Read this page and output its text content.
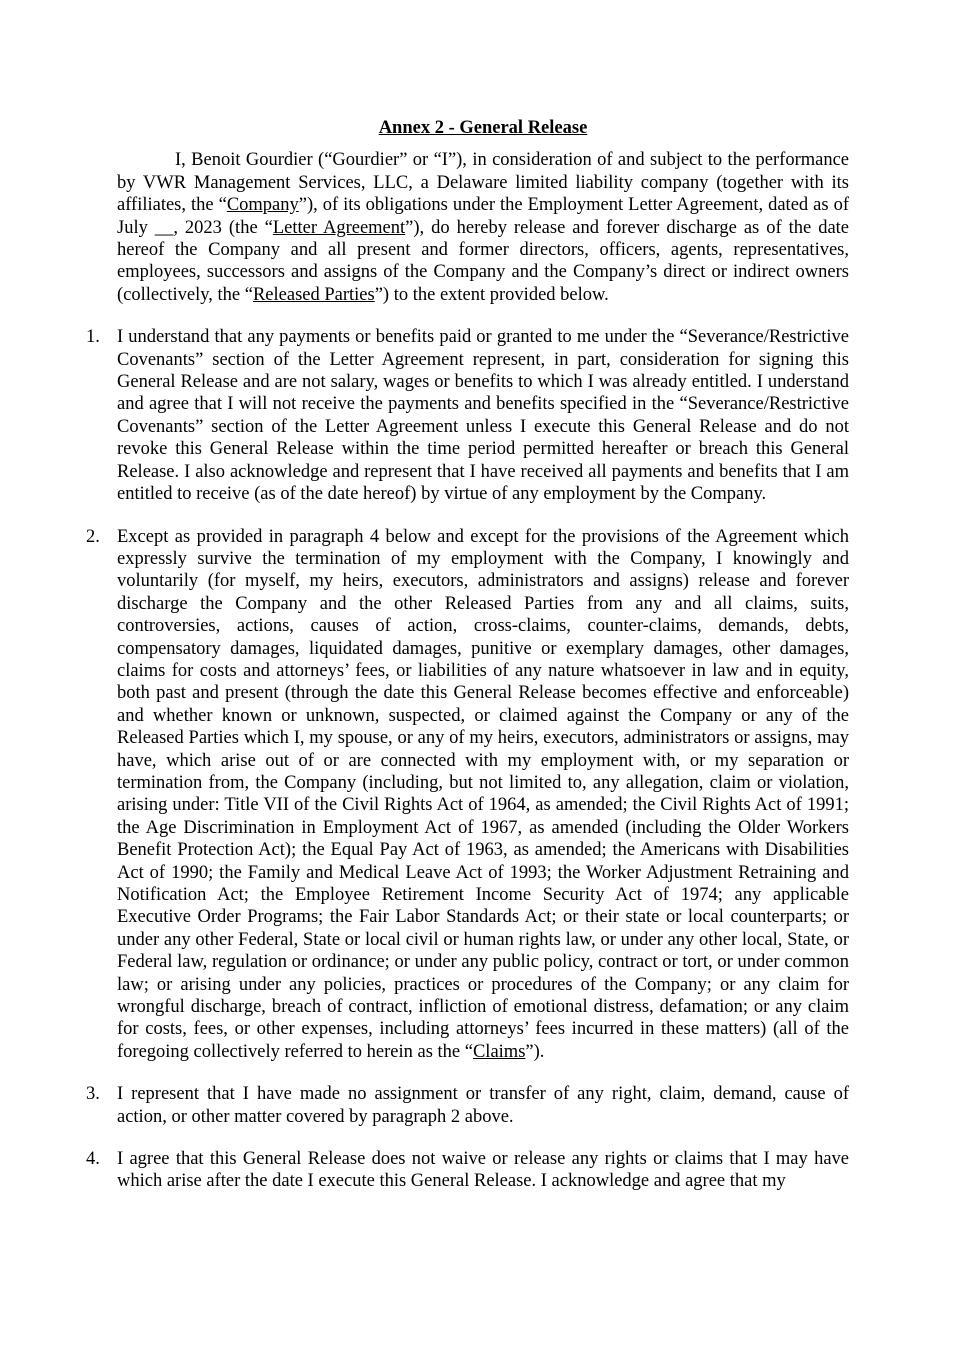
Annex 2 - General Release

I, Benoit Gourdier (“Gourdier” or “I”), in consideration of and subject to the performance by VWR Management Services, LLC, a Delaware limited liability company (together with its affiliates, the “Company”), of its obligations under the Employment Letter Agreement, dated as of July __, 2023 (the “Letter Agreement”), do hereby release and forever discharge as of the date hereof the Company and all present and former directors, officers, agents, representatives, employees, successors and assigns of the Company and the Company’s direct or indirect owners (collectively, the “Released Parties”) to the extent provided below.

1. I understand that any payments or benefits paid or granted to me under the “Severance/Restrictive Covenants” section of the Letter Agreement represent, in part, consideration for signing this General Release and are not salary, wages or benefits to which I was already entitled. I understand and agree that I will not receive the payments and benefits specified in the “Severance/Restrictive Covenants” section of the Letter Agreement unless I execute this General Release and do not revoke this General Release within the time period permitted hereafter or breach this General Release. I also acknowledge and represent that I have received all payments and benefits that I am entitled to receive (as of the date hereof) by virtue of any employment by the Company.
2. Except as provided in paragraph 4 below and except for the provisions of the Agreement which expressly survive the termination of my employment with the Company, I knowingly and voluntarily (for myself, my heirs, executors, administrators and assigns) release and forever discharge the Company and the other Released Parties from any and all claims, suits, controversies, actions, causes of action, cross-claims, counter-claims, demands, debts, compensatory damages, liquidated damages, punitive or exemplary damages, other damages, claims for costs and attorneys’ fees, or liabilities of any nature whatsoever in law and in equity, both past and present (through the date this General Release becomes effective and enforceable) and whether known or unknown, suspected, or claimed against the Company or any of the Released Parties which I, my spouse, or any of my heirs, executors, administrators or assigns, may have, which arise out of or are connected with my employment with, or my separation or termination from, the Company (including, but not limited to, any allegation, claim or violation, arising under: Title VII of the Civil Rights Act of 1964, as amended; the Civil Rights Act of 1991; the Age Discrimination in Employment Act of 1967, as amended (including the Older Workers Benefit Protection Act); the Equal Pay Act of 1963, as amended; the Americans with Disabilities Act of 1990; the Family and Medical Leave Act of 1993; the Worker Adjustment Retraining and Notification Act; the Employee Retirement Income Security Act of 1974; any applicable Executive Order Programs; the Fair Labor Standards Act; or their state or local counterparts; or under any other Federal, State or local civil or human rights law, or under any other local, State, or Federal law, regulation or ordinance; or under any public policy, contract or tort, or under common law; or arising under any policies, practices or procedures of the Company; or any claim for wrongful discharge, breach of contract, infliction of emotional distress, defamation; or any claim for costs, fees, or other expenses, including attorneys’ fees incurred in these matters) (all of the foregoing collectively referred to herein as the “Claims”).
3. I represent that I have made no assignment or transfer of any right, claim, demand, cause of action, or other matter covered by paragraph 2 above.
4. I agree that this General Release does not waive or release any rights or claims that I may have which arise after the date I execute this General Release. I acknowledge and agree that my
